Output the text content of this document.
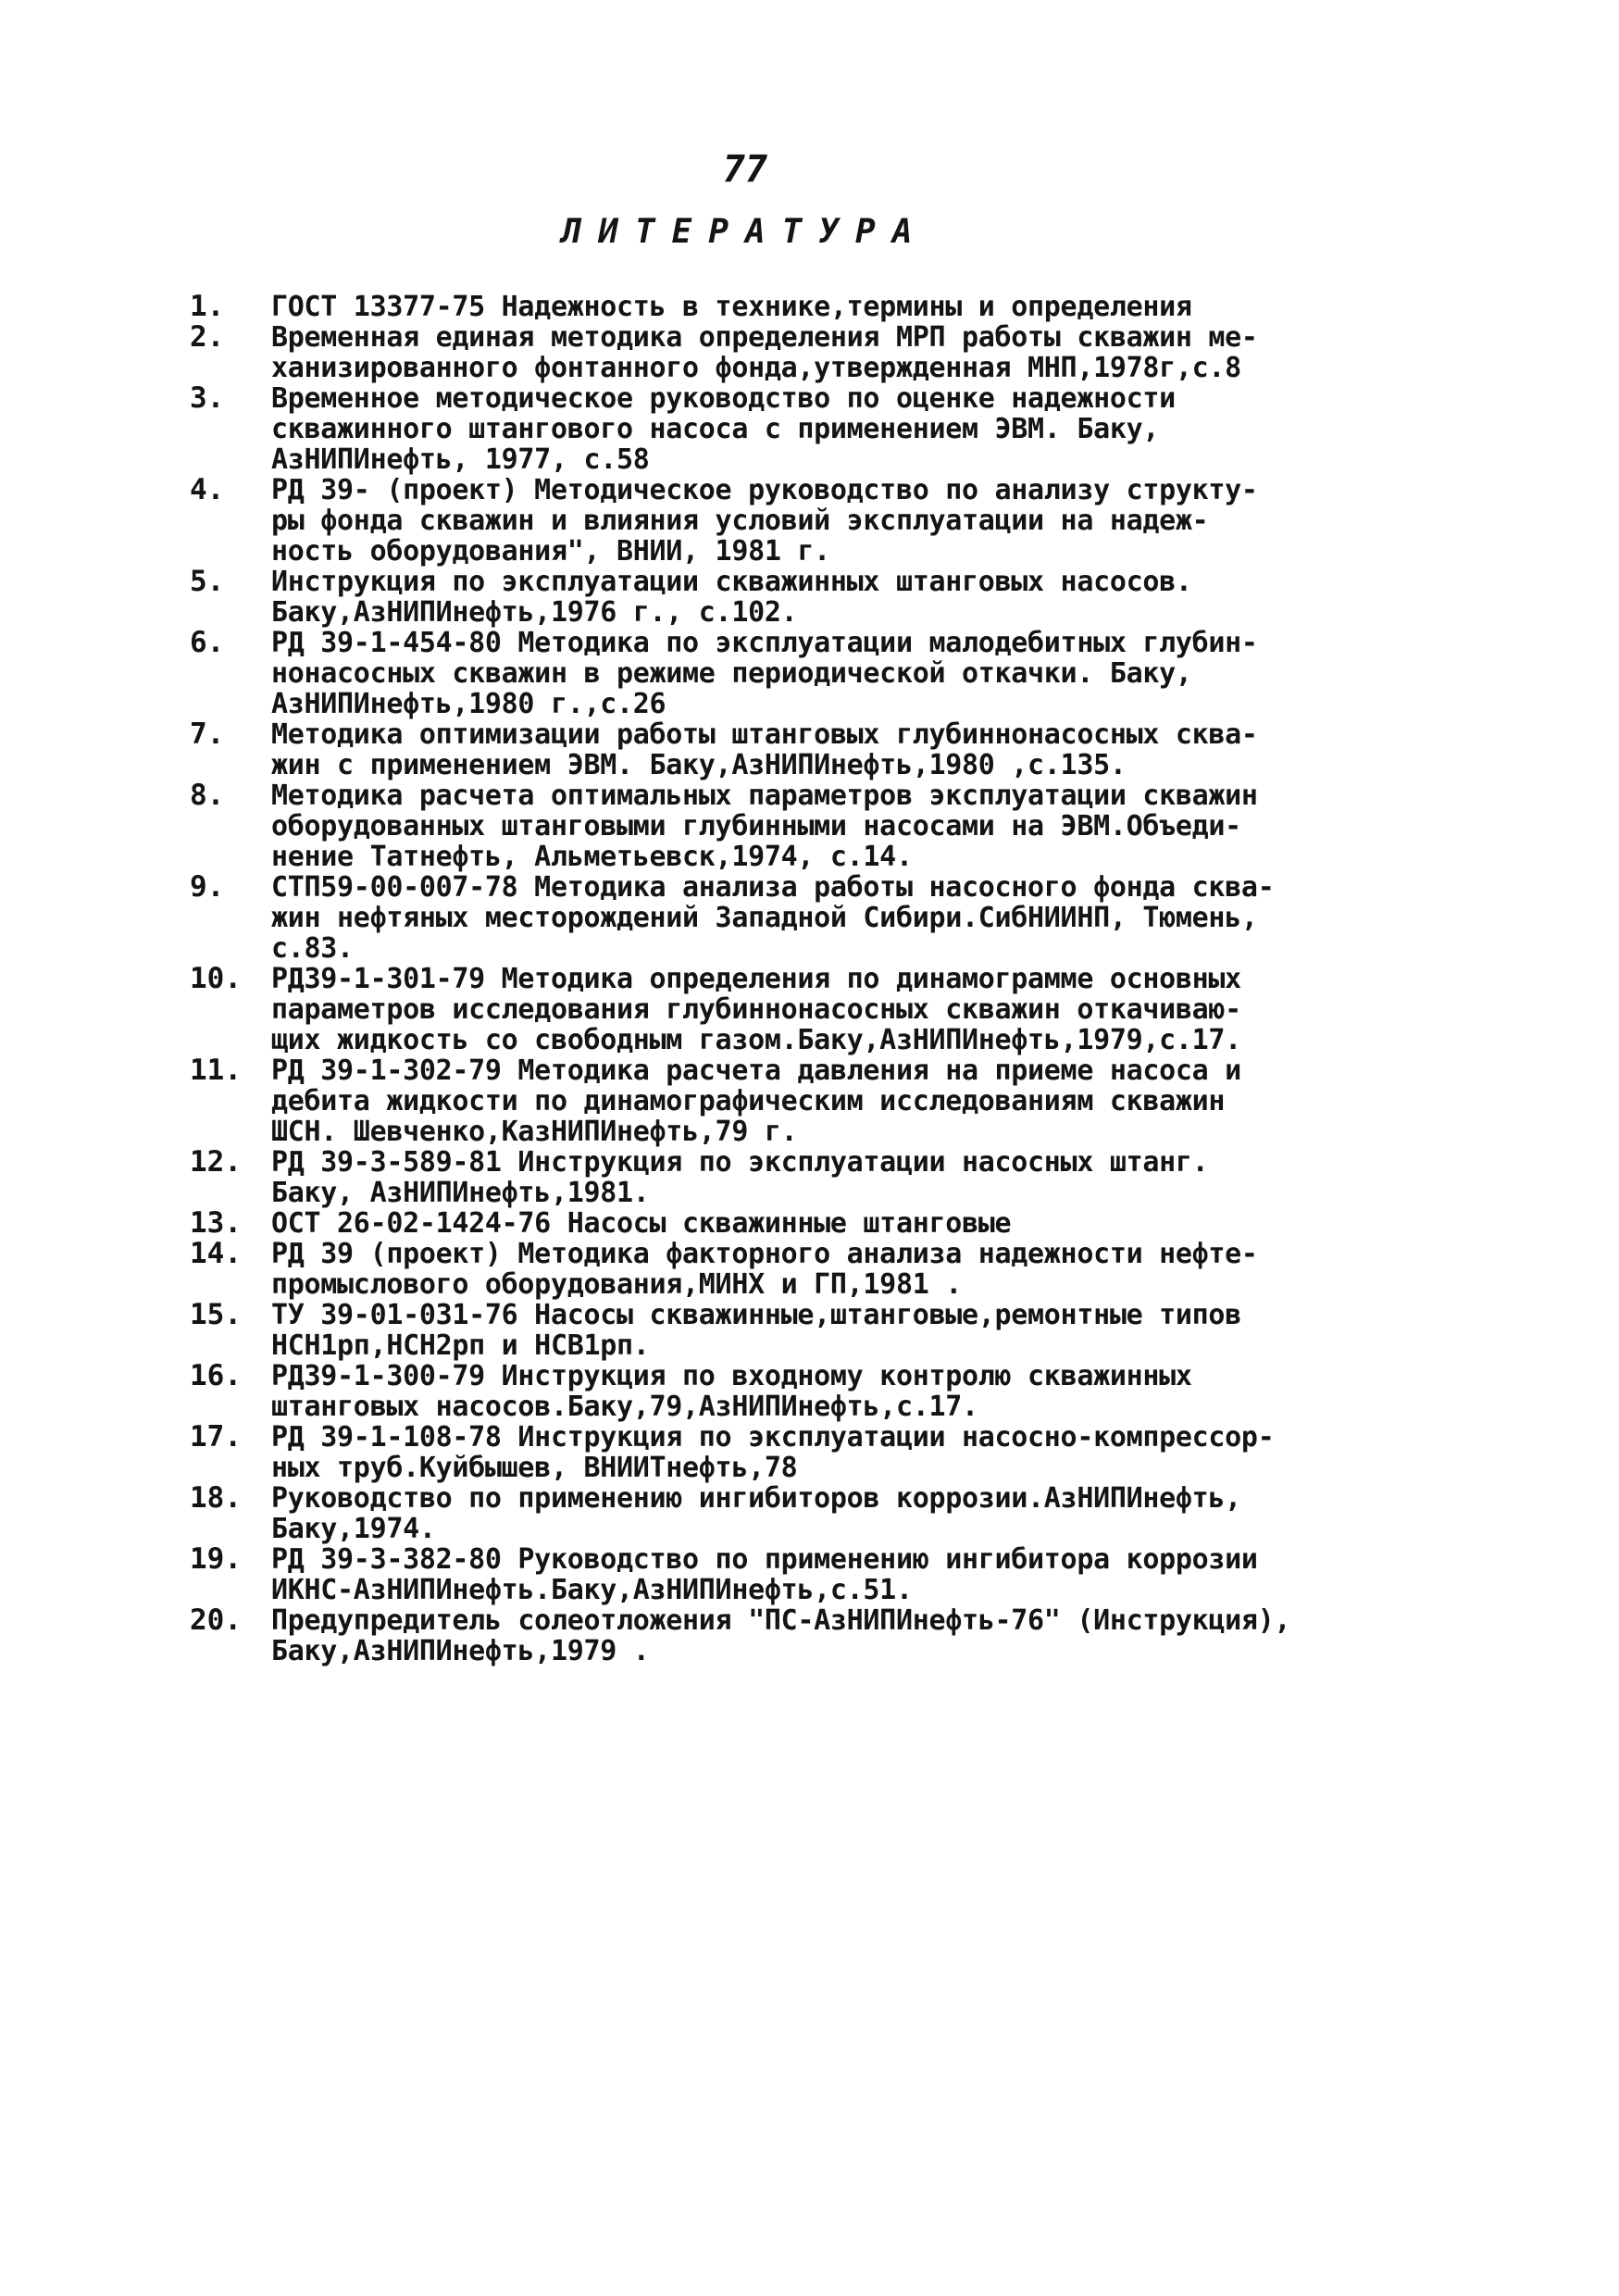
77
ЛИТЕРАТУРА
1.	ГОСТ 13377-75 Надежность в технике,термины и определения
2.	Временная единая методика определения МРП работы скважин ме-
ханизированного фонтанного фонда,утвержденная МНП,1978г,с.8
3.	Временное методическое руководство по оценке надежности
скважинного штангового насоса с применением ЭВМ. Баку,
АзНИПИнефть, 1977, с.58
4.	РД 39- (проект) Методическое руководство по анализу структу-
ры фонда скважин и влияния условий эксплуатации на надеж-
ность оборудования", ВНИИ, 1981 г.
5.	Инструкция по эксплуатации скважинных штанговых насосов.
Баку,АзНИПИнефть,1976 г., с.102.
6.	РД 39-1-454-80 Методика по эксплуатации малодебитных глубин-
нонасосных скважин в режиме периодической откачки. Баку,
АзНИПИнефть,1980 г.,с.26
7.	Методика оптимизации работы штанговых глубиннонасосных сква-
жин с применением ЭВМ. Баку,АзНИПИнефть,1980 ,с.135.
8.	Методика расчета оптимальных параметров эксплуатации скважин
оборудованных штанговыми глубинными насосами на ЭВМ.Объеди-
нение Татнефть, Альметьевск,1974, с.14.
9.	СТП59-00-007-78 Методика анализа работы насосного фонда сква-
жин нефтяных месторождений Западной Сибири.СибНИИНП, Тюмень,
с.83.
10.	РД39-1-301-79 Методика определения по динамограмме основных
параметров исследования глубиннонасосных скважин откачиваю-
щих жидкость со свободным газом.Баку,АзНИПИнефть,1979,с.17.
11.	РД 39-1-302-79 Методика расчета давления на приеме насоса и
дебита жидкости по динамографическим исследованиям скважин
ШСН. Шевченко,КазНИПИнефть,79 г.
12.	РД 39-3-589-81 Инструкция по эксплуатации насосных штанг.
Баку, АзНИПИнефть,1981.
13.	ОСТ 26-02-1424-76 Насосы скважинные штанговые
14.	РД 39 (проект) Методика факторного анализа надежности нефте-
промыслового оборудования,МИНХ и ГП,1981 .
15.	ТУ 39-01-031-76 Насосы скважинные,штанговые,ремонтные типов
НСН1рп,НСН2рп и НСВ1рп.
16.	РД39-1-300-79 Инструкция по входному контролю скважинных
штанговых насосов.Баку,79,АзНИПИнефть,с.17.
17.	РД 39-1-108-78 Инструкция по эксплуатации насосно-компрессор-
ных труб.Куйбышев, ВНИИТнефть,78
18.	Руководство по применению ингибиторов коррозии.АзНИПИнефть,
Баку,1974.
19.	РД 39-3-382-80 Руководство по применению ингибитора коррозии
ИКНС-АзНИПИнефть.Баку,АзНИПИнефть,с.51.
20.	Предупредитель солеотложения "ПС-АзНИПИнефть-76" (Инструкция),
Баку,АзНИПИнефть,1979 .
